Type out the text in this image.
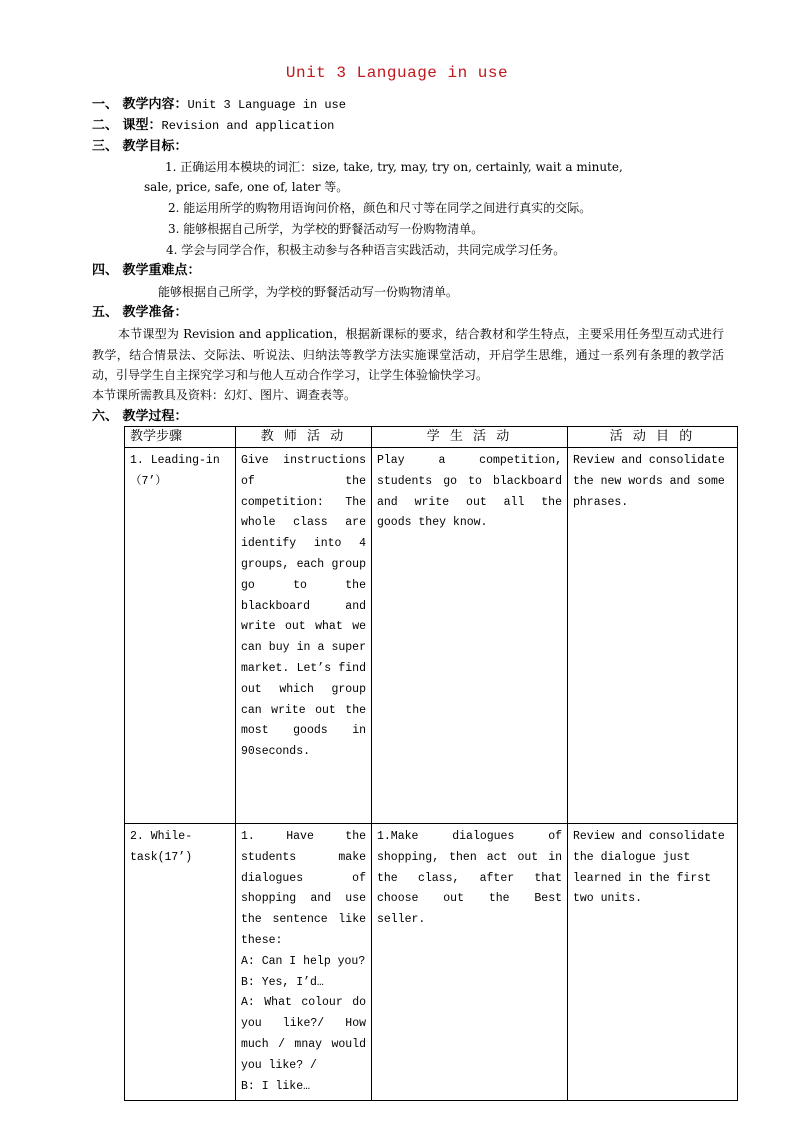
Unit 3 Language in use
一、 教学内容：Unit 3 Language in use
二、 课型：Revision and application
三、 教学目标：
1. 正确运用本模块的词汇：size, take, try, may, try on, certainly, wait a minute,
sale, price, safe, one of, later 等。
2. 能运用所学的购物用语询问价格，颜色和尺寸等在同学之间进行真实的交际。
3. 能够根据自己所学，为学校的野餐活动写一份购物清单。
4. 学会与同学合作，积极主动参与各种语言实践活动，共同完成学习任务。
四、 教学重难点：
能够根据自己所学，为学校的野餐活动写一份购物清单。
五、 教学准备：
本节课型为 Revision and application，根据新课标的要求，结合教材和学生特点，主要采用任务型互动式进行教学，结合情景法、交际法、听说法、归纳法等教学方法实施课堂活动，开启学生思维，通过一系列有条理的教学活动，引导学生自主探究学习和与他人互动合作学习，让学生体验愉快学习。
本节课所需教具及资料：幻灯、图片、调查表等。
六、 教学过程：
教学步骤	教 师 活 动	学 生 活 动	活 动 目 的
1. Leading-in（7’）	Give instructions of the competition: The whole class are identify into 4 groups, each group go to the blackboard and write out what we can buy in a super market. Let’s find out which group can write out the most goods in 90seconds.	Play a competition, students go to blackboard and write out all the goods they know.	Review and consolidate the new words and some phrases.
2. While-task(17’)	1. Have the students make dialogues of shopping and use the sentence like these:
A: Can I help you?
B: Yes, I’d…
A: What colour do you like?/ How much / mnay would you like? /
B: I like…	1.Make dialogues of shopping, then act out in the class, after that choose out the Best seller.	Review and consolidate the dialogue just learned in the first two units.
